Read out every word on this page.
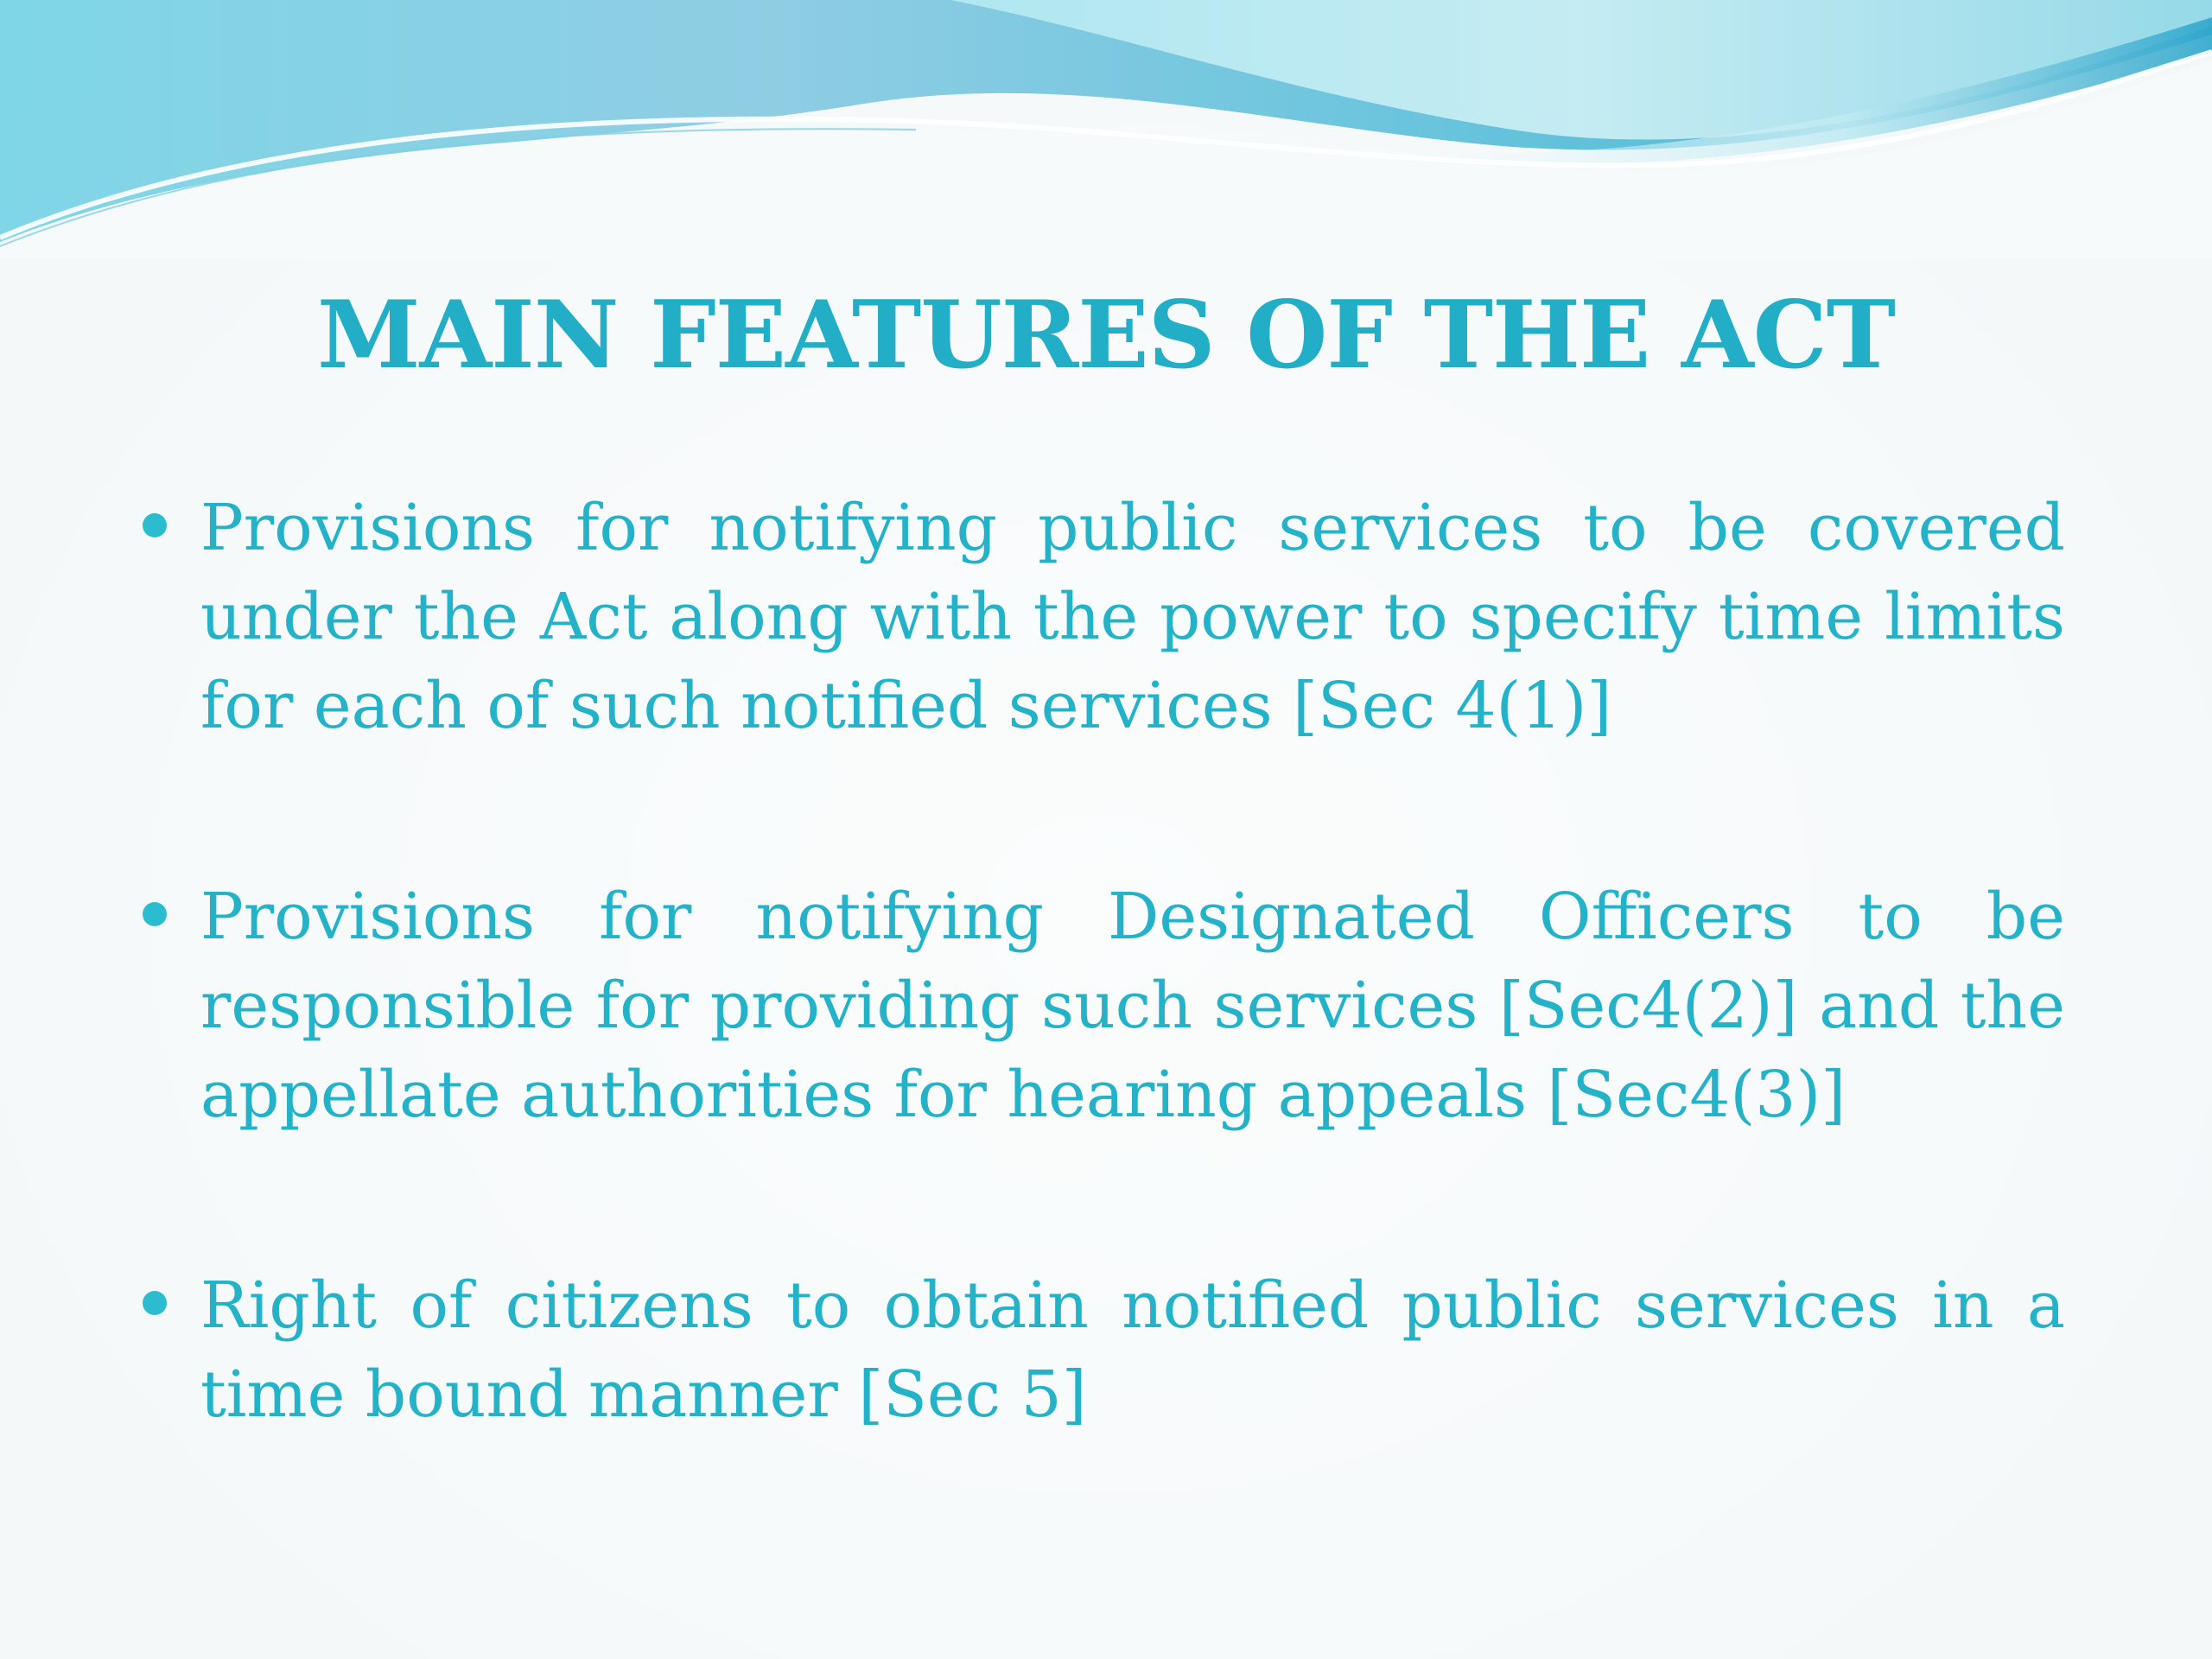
MAIN FEATURES OF THE ACT
Provisions for notifying public services to be covered under the Act along with the power to specify time limits for each of such notified services [Sec 4(1)]
Provisions for notifying Designated Officers to be responsible for providing such services [Sec4(2)] and the appellate authorities for hearing appeals [Sec4(3)]
Right of citizens to obtain notified public services in a time bound manner [Sec 5]
